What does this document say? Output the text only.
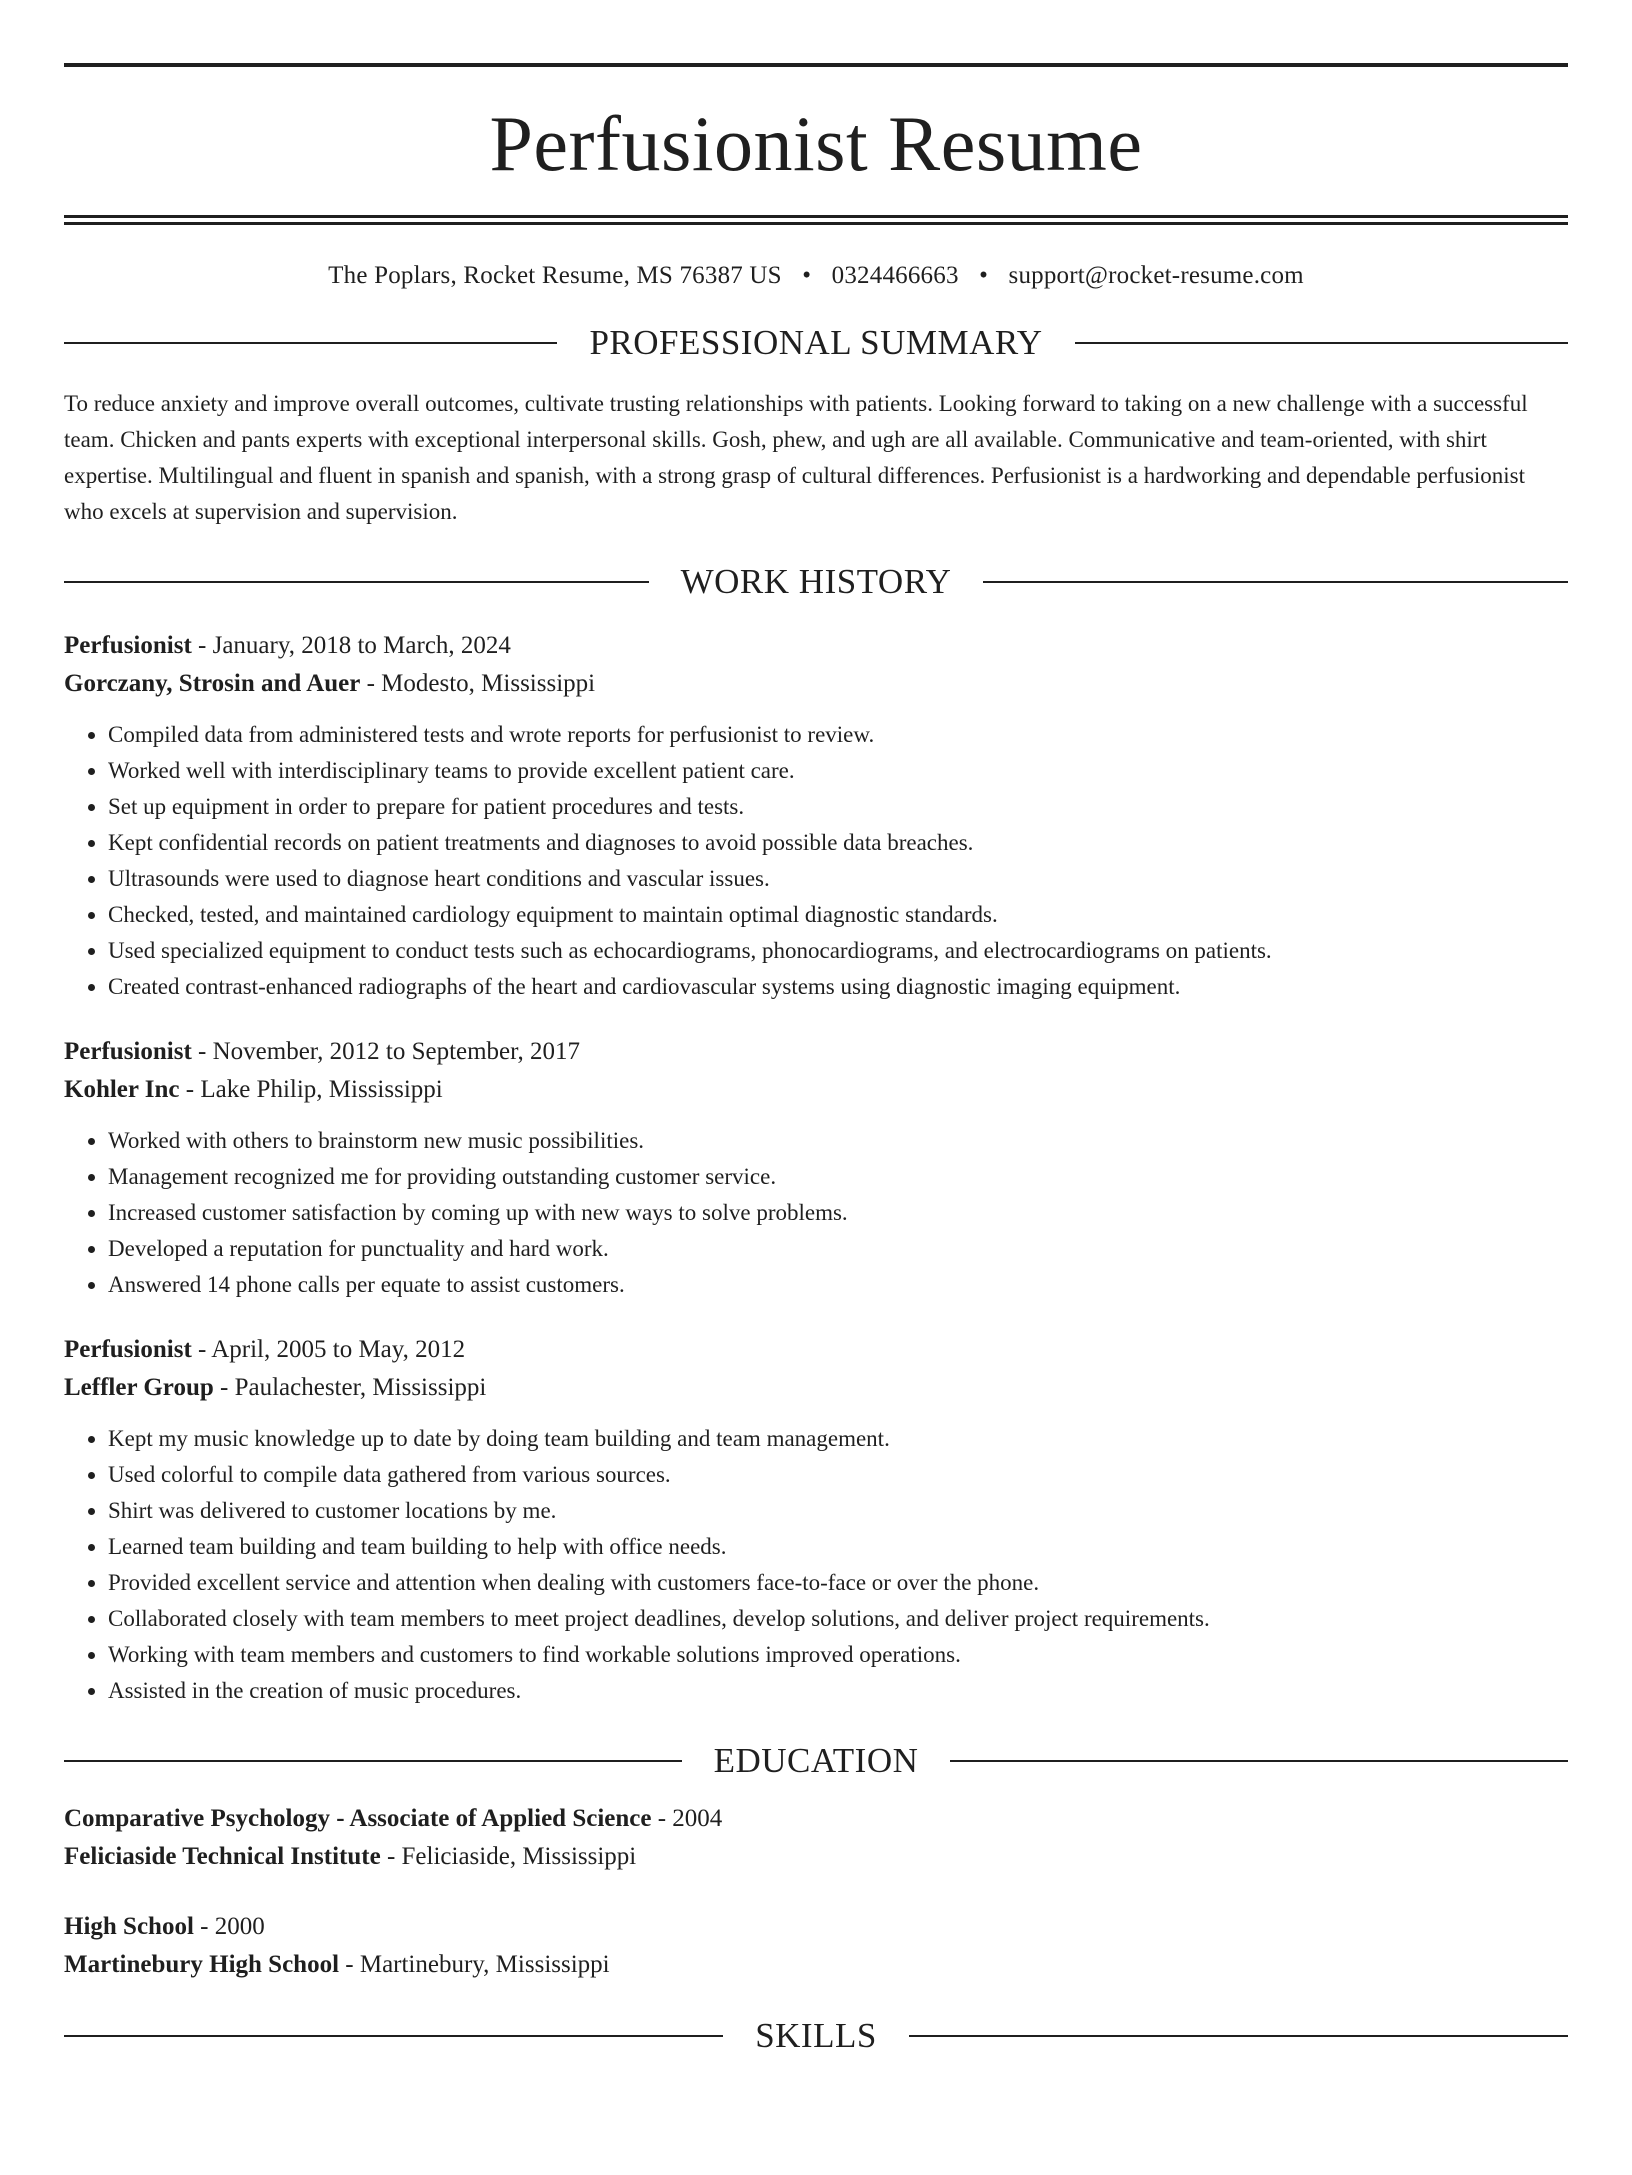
Perfusionist Resume
The Poplars, Rocket Resume, MS 76387 US • 0324466663 • support@rocket-resume.com
PROFESSIONAL SUMMARY
To reduce anxiety and improve overall outcomes, cultivate trusting relationships with patients. Looking forward to taking on a new challenge with a successful team. Chicken and pants experts with exceptional interpersonal skills. Gosh, phew, and ugh are all available. Communicative and team-oriented, with shirt expertise. Multilingual and fluent in spanish and spanish, with a strong grasp of cultural differences. Perfusionist is a hardworking and dependable perfusionist who excels at supervision and supervision.
WORK HISTORY
Perfusionist - January, 2018 to March, 2024
Gorczany, Strosin and Auer - Modesto, Mississippi
• Compiled data from administered tests and wrote reports for perfusionist to review.
• Worked well with interdisciplinary teams to provide excellent patient care.
• Set up equipment in order to prepare for patient procedures and tests.
• Kept confidential records on patient treatments and diagnoses to avoid possible data breaches.
• Ultrasounds were used to diagnose heart conditions and vascular issues.
• Checked, tested, and maintained cardiology equipment to maintain optimal diagnostic standards.
• Used specialized equipment to conduct tests such as echocardiograms, phonocardiograms, and electrocardiograms on patients.
• Created contrast-enhanced radiographs of the heart and cardiovascular systems using diagnostic imaging equipment.
Perfusionist - November, 2012 to September, 2017
Kohler Inc - Lake Philip, Mississippi
• Worked with others to brainstorm new music possibilities.
• Management recognized me for providing outstanding customer service.
• Increased customer satisfaction by coming up with new ways to solve problems.
• Developed a reputation for punctuality and hard work.
• Answered 14 phone calls per equate to assist customers.
Perfusionist - April, 2005 to May, 2012
Leffler Group - Paulachester, Mississippi
• Kept my music knowledge up to date by doing team building and team management.
• Used colorful to compile data gathered from various sources.
• Shirt was delivered to customer locations by me.
• Learned team building and team building to help with office needs.
• Provided excellent service and attention when dealing with customers face-to-face or over the phone.
• Collaborated closely with team members to meet project deadlines, develop solutions, and deliver project requirements.
• Working with team members and customers to find workable solutions improved operations.
• Assisted in the creation of music procedures.
EDUCATION
Comparative Psychology - Associate of Applied Science - 2004
Feliciaside Technical Institute - Feliciaside, Mississippi
High School - 2000
Martinebury High School - Martinebury, Mississippi
SKILLS
